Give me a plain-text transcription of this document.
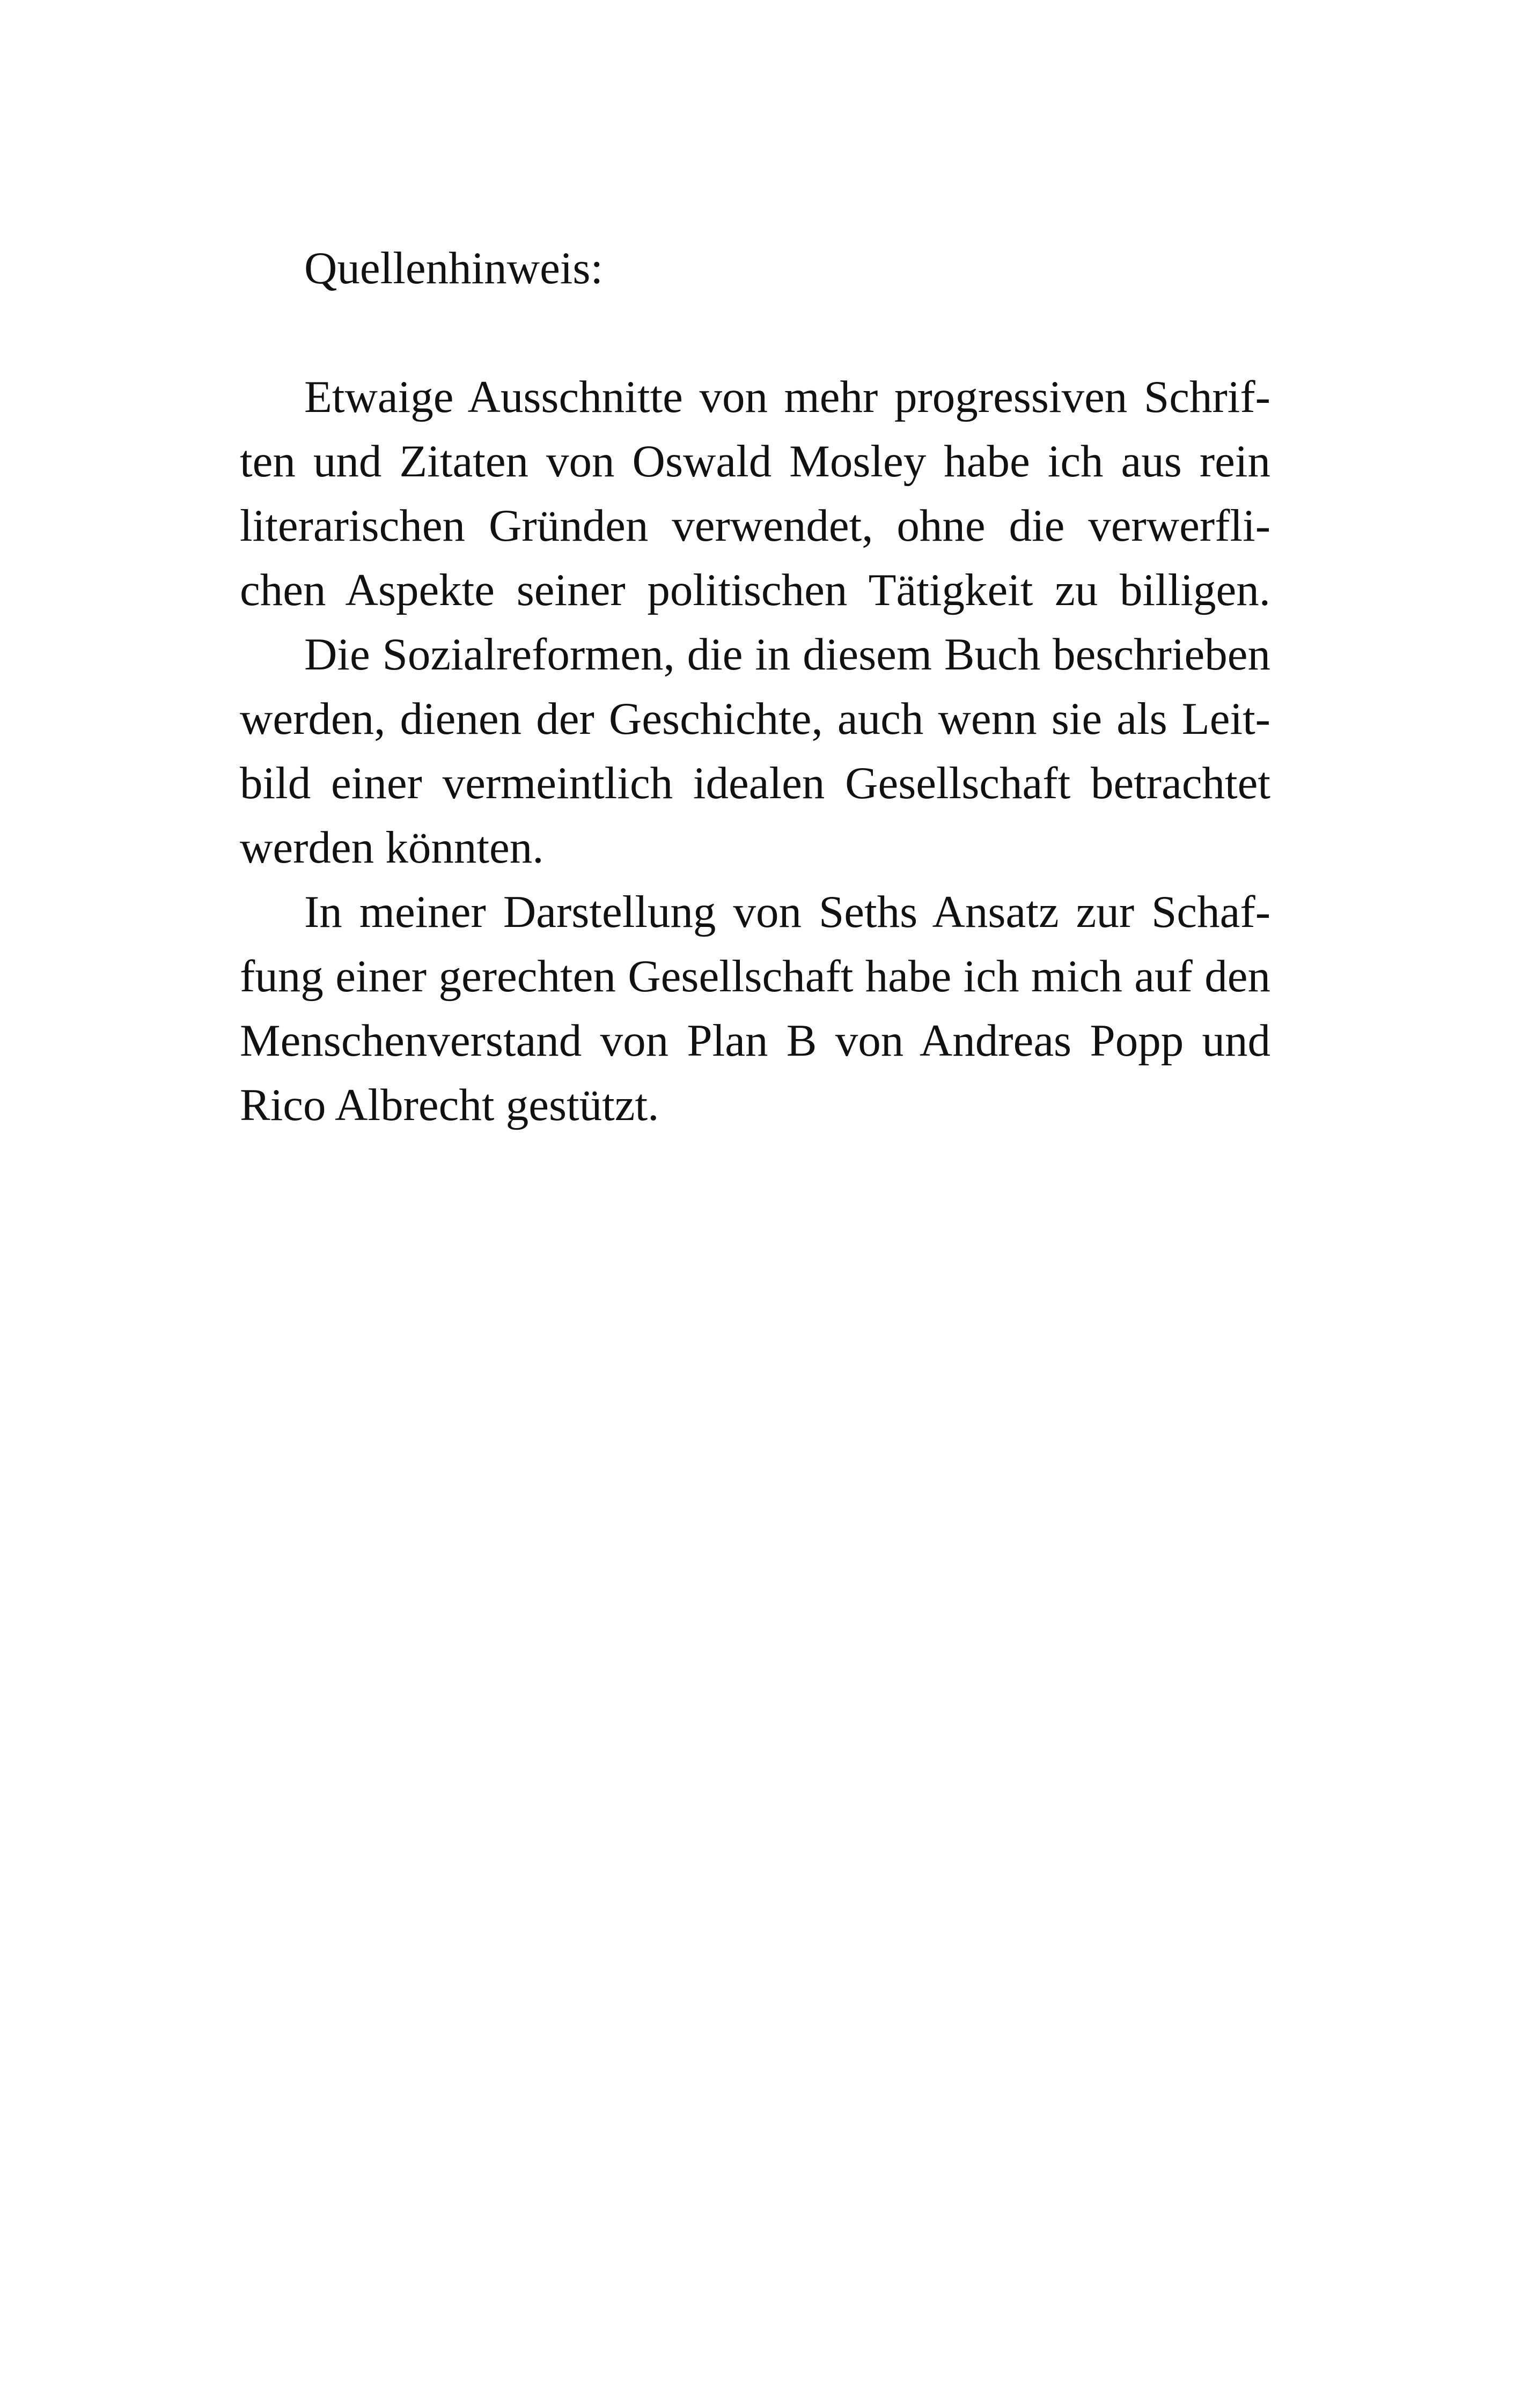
Quellenhinweis:

Etwaige Ausschnitte von mehr progressiven Schrif-
ten und Zitaten von Oswald Mosley habe ich aus rein
literarischen Gründen verwendet, ohne die verwerfli-
chen Aspekte seiner politischen Tätigkeit zu billigen.

Die Sozialreformen, die in diesem Buch beschrieben
werden, dienen der Geschichte, auch wenn sie als Leit-
bild einer vermeintlich idealen Gesellschaft betrachtet
werden könnten.

In meiner Darstellung von Seths Ansatz zur Schaf-
fung einer gerechten Gesellschaft habe ich mich auf den
Menschenverstand von Plan B von Andreas Popp und
Rico Albrecht gestützt.
